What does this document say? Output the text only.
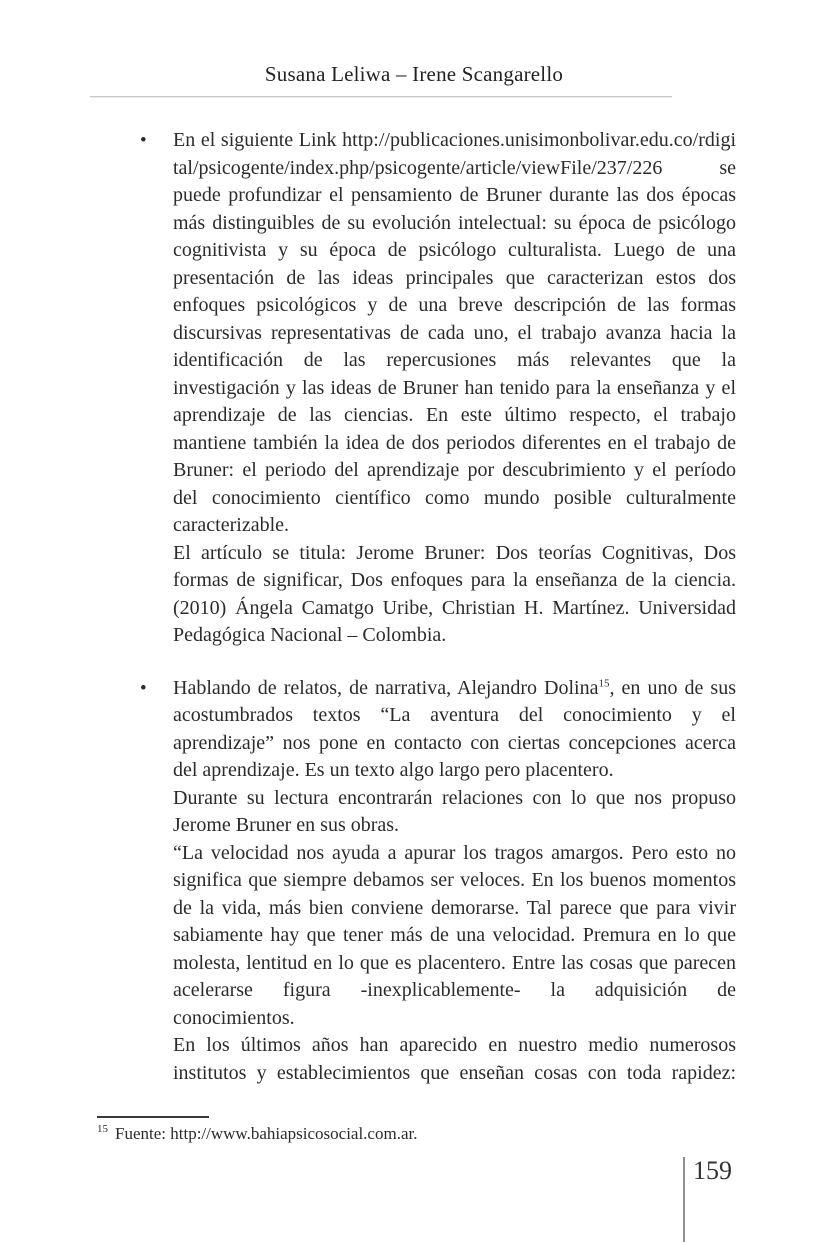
Susana Leliwa – Irene Scangarello
•	En el siguiente Link http://publicaciones.unisimonbolivar.edu.co/rdigital/psicogente/index.php/psicogente/article/viewFile/237/226 se puede profundizar el pensamiento de Bruner durante las dos épocas más distinguibles de su evolución intelectual: su época de psicólogo cognitivista y su época de psicólogo culturalista. Luego de una presentación de las ideas principales que caracterizan estos dos enfoques psicológicos y de una breve descripción de las formas discursivas representativas de cada uno, el trabajo avanza hacia la identificación de las repercusiones más relevantes que la investigación y las ideas de Bruner han tenido para la enseñanza y el aprendizaje de las ciencias. En este último respecto, el trabajo mantiene también la idea de dos periodos diferentes en el trabajo de Bruner: el periodo del aprendizaje por descubrimiento y el período del conocimiento científico como mundo posible culturalmente caracterizable.
El artículo se titula: Jerome Bruner: Dos teorías Cognitivas, Dos formas de significar, Dos enfoques para la enseñanza de la ciencia. (2010) Ángela Camatgo Uribe, Christian H. Martínez. Universidad Pedagógica Nacional – Colombia.
•	Hablando de relatos, de narrativa, Alejandro Dolina$^{15}$, en uno de sus acostumbrados textos “La aventura del conocimiento y el aprendizaje” nos pone en contacto con ciertas concepciones acerca del aprendizaje. Es un texto algo largo pero placentero.
Durante su lectura encontrarán relaciones con lo que nos propuso Jerome Bruner en sus obras.
“La velocidad nos ayuda a apurar los tragos amargos. Pero esto no significa que siempre debamos ser veloces. En los buenos momentos de la vida, más bien conviene demorarse. Tal parece que para vivir sabiamente hay que tener más de una velocidad. Premura en lo que molesta, lentitud en lo que es placentero. Entre las cosas que parecen acelerarse figura -inexplicablemente- la adquisición de conocimientos.
En los últimos años han aparecido en nuestro medio numerosos institutos y establecimientos que enseñan cosas con toda rapidez:
$^{15}$ Fuente: http://www.bahiapsicosocial.com.ar.
159
